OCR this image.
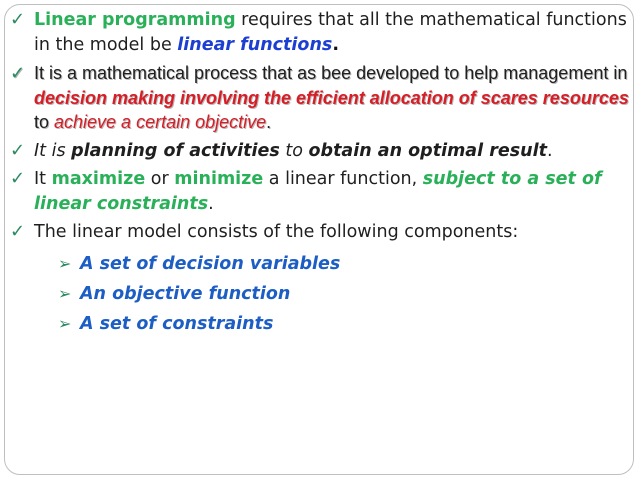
✓ Linear programming requires that all the mathematical functions in the model be linear functions.
✓ It is a mathematical process that as bee developed to help management in decision making involving the efficient allocation of scares resources to achieve a certain objective.
✓ It is planning of activities to obtain an optimal result.
✓ It maximize or minimize a linear function, subject to a set of linear constraints.
✓ The linear model consists of the following components:
➢ A set of decision variables
➢ An objective function
➢ A set of constraints
